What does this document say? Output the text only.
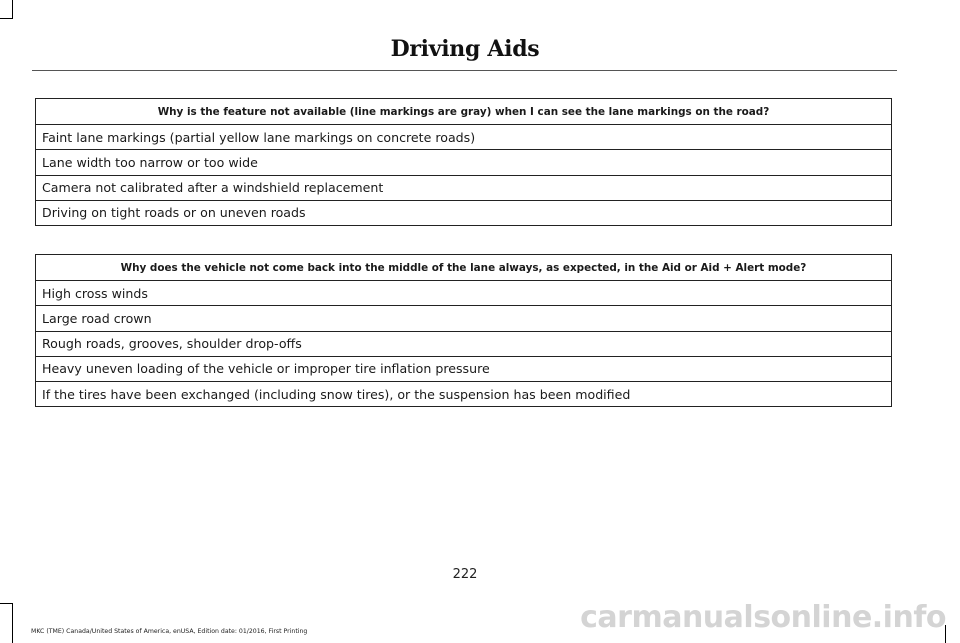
Driving Aids
Why is the feature not available (line markings are gray) when I can see the lane markings on the road?
Faint lane markings (partial yellow lane markings on concrete roads)
Lane width too narrow or too wide
Camera not calibrated after a windshield replacement
Driving on tight roads or on uneven roads
Why does the vehicle not come back into the middle of the lane always, as expected, in the Aid or Aid + Alert mode?
High cross winds
Large road crown
Rough roads, grooves, shoulder drop-offs
Heavy uneven loading of the vehicle or improper tire inflation pressure
If the tires have been exchanged (including snow tires), or the suspension has been modified
222
MKC (TME) Canada/United States of America, enUSA, Edition date: 01/2016, First Printing	carmanualsonline.info
